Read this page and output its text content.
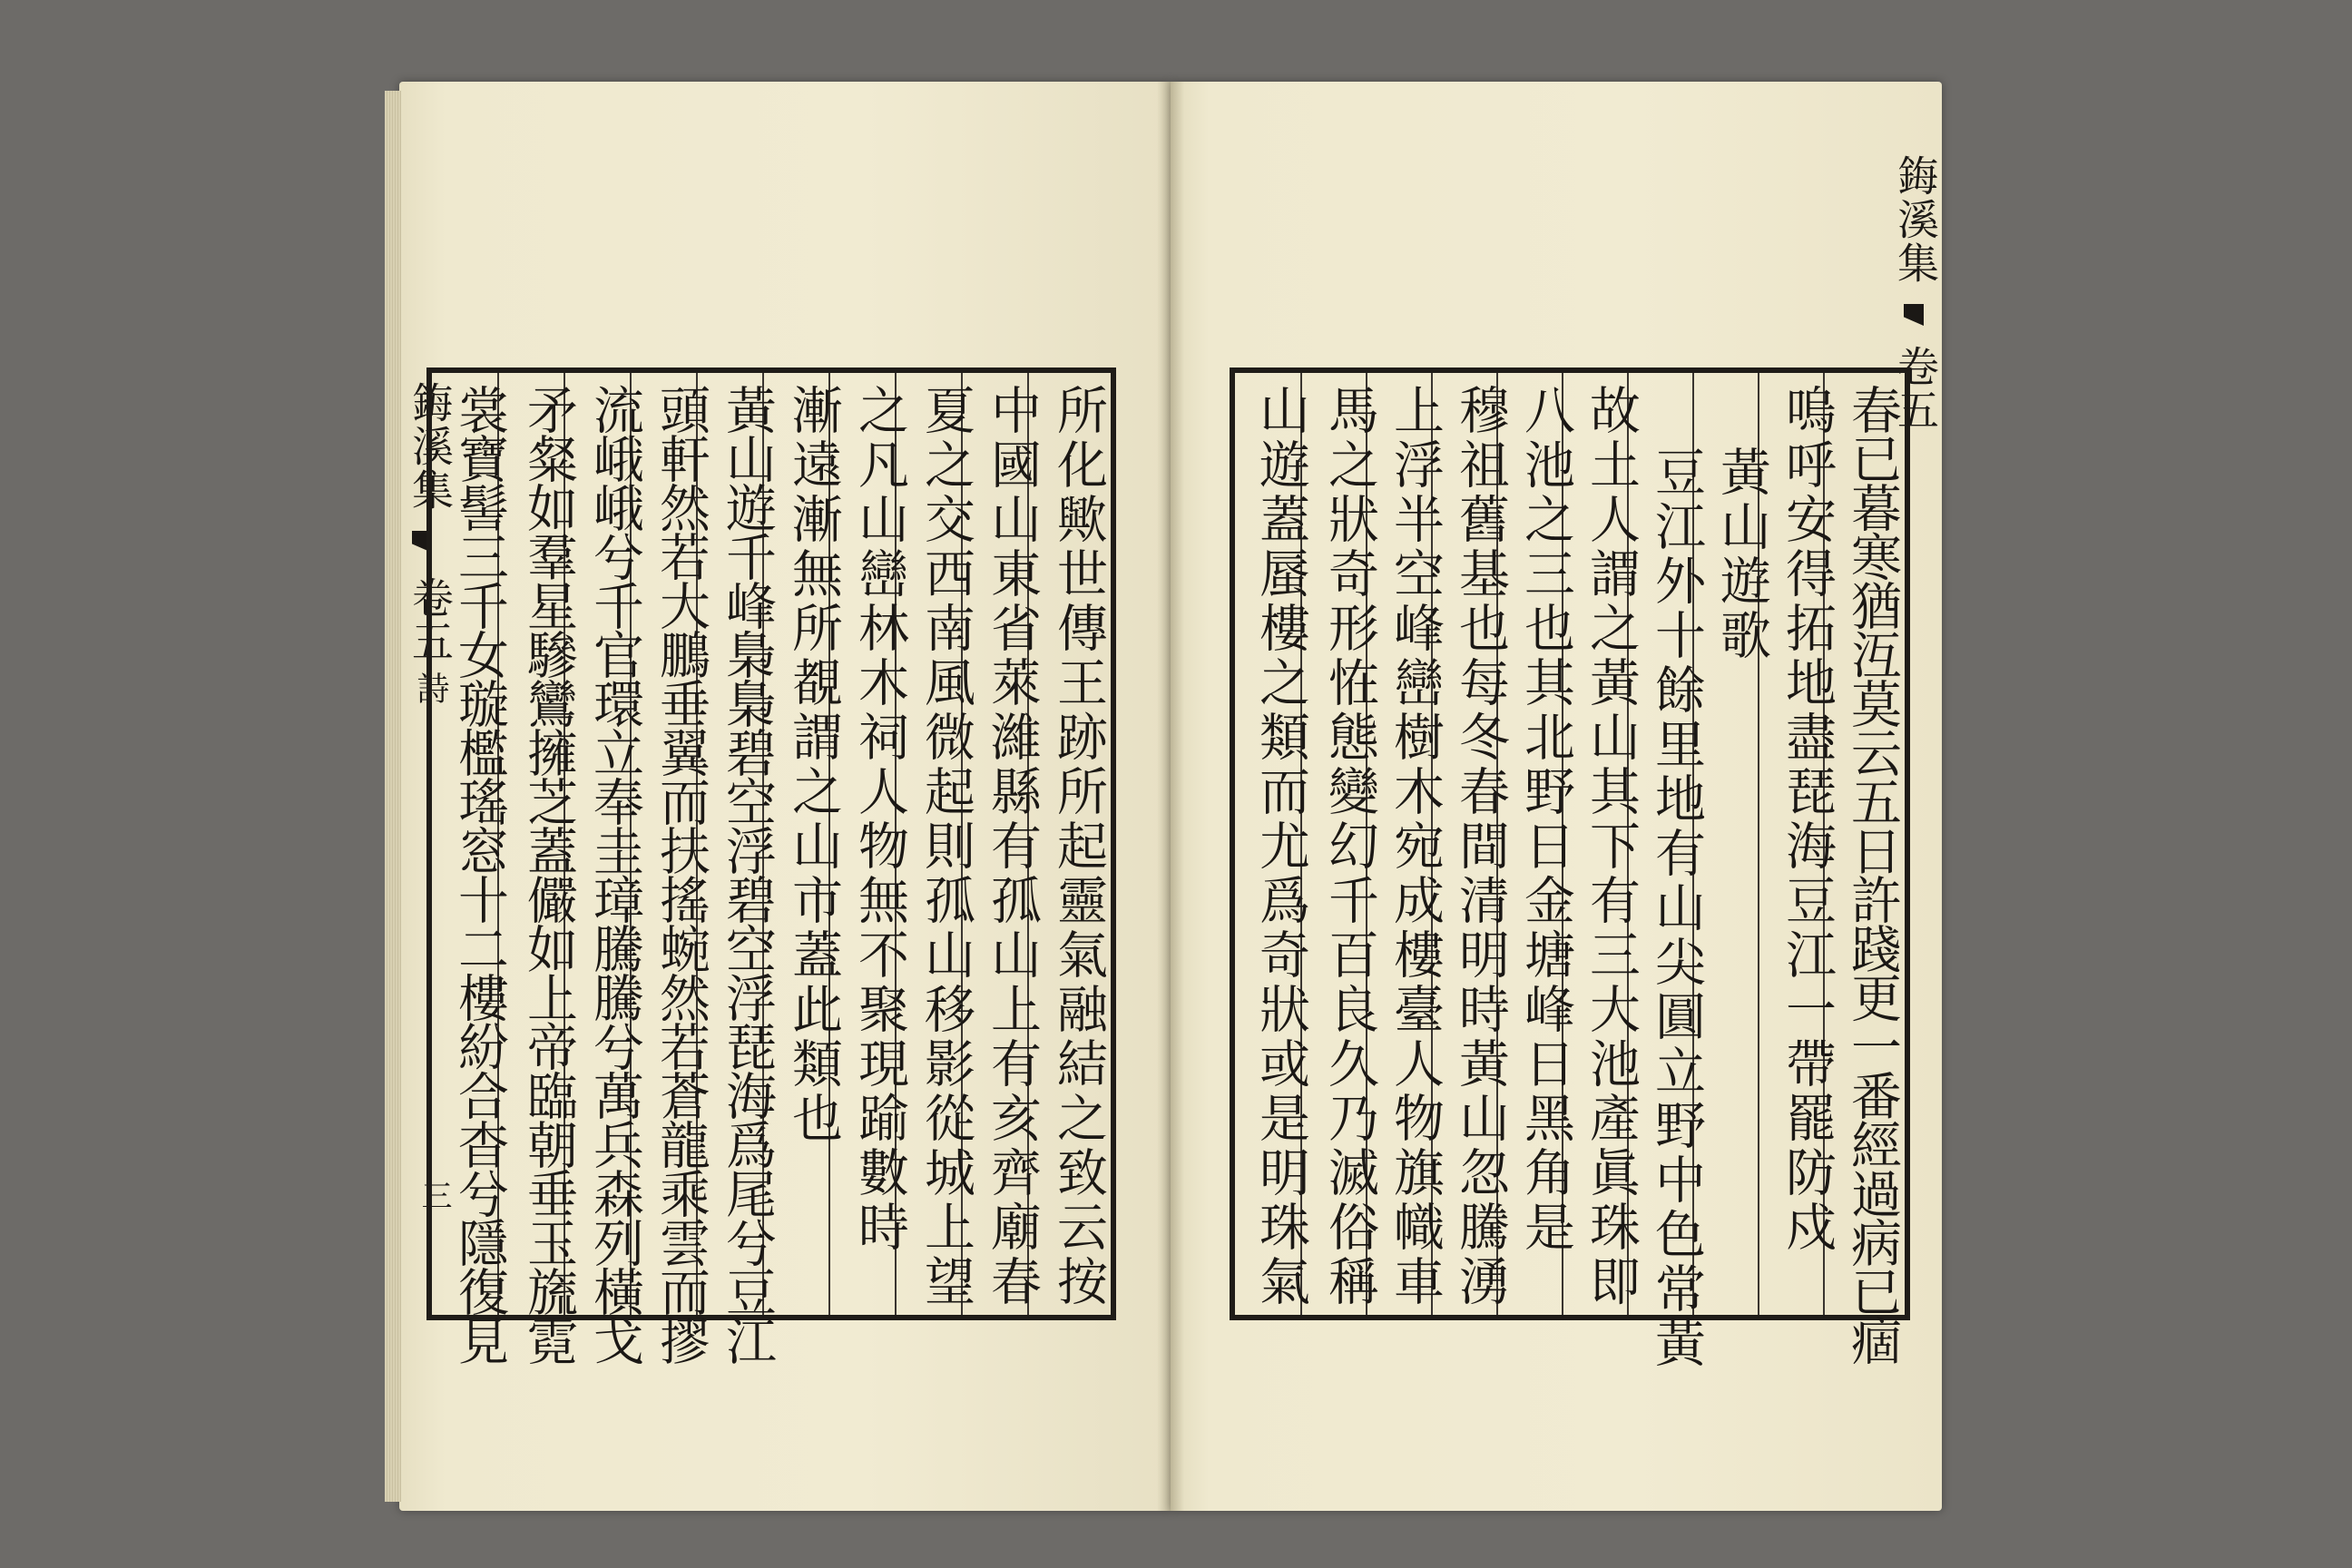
鋂溪集
卷五
詩
三	所化歟世傳王跡所起靈氣融結之致云按
中國山東省萊濰縣有孤山上有亥齊廟春
夏之交西南風微起則孤山移影從城上望
之凡山巒林木祠人物無不聚現踰數時
漸遠漸無所覩謂之山市蓋此類也
黃山遊千峰梟梟碧空浮碧空浮琵海爲尾兮豆江
頭軒然若大鵬垂翼而扶搖蜿然若蒼龍乘雲而摎
流峨峨兮千官環立奉圭璋騰騰兮萬兵森列橫戈
矛粲如羣星驂鸞擁芝蓋儼如上帝臨朝垂玉旒霓
裳寶髻三千女璇檻瑤窓十二樓紛合杳兮隱復見
鋂溪集
卷五
春已暮寒猶沍莫云五日許踐更一番經過病已痼
嗚呼安得拓地盡琵海豆江一帶罷防戍
黃山遊歌
豆江外十餘里地有山尖圓立野中色常黃
故土人謂之黃山其下有三大池產眞珠即
八池之三也其北野日金塘峰日黑角是
穆祖舊基也每冬春間清明時黃山忽騰湧
上浮半空峰巒樹木宛成樓臺人物旗幟車
馬之狀奇形恠態變幻千百良久乃滅俗稱
山遊蓋蜃樓之類而尤爲奇狀或是明珠氣
